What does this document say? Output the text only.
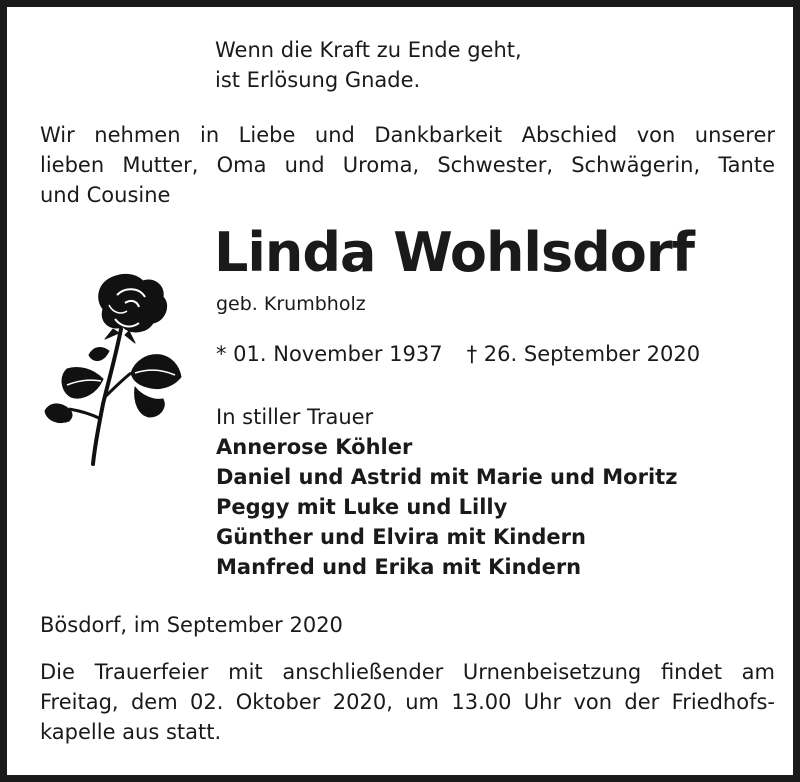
Wenn die Kraft zu Ende geht,
ist Erlösung Gnade.
Wir nehmen in Liebe und Dankbarkeit Abschied von unserer
lieben Mutter, Oma und Uroma, Schwester, Schwägerin, Tante
und Cousine
Linda Wohlsdorf
geb. Krumbholz
* 01. November 1937 † 26. September 2020
In stiller Trauer
Annerose Köhler
Daniel und Astrid mit Marie und Moritz
Peggy mit Luke und Lilly
Günther und Elvira mit Kindern
Manfred und Erika mit Kindern
Bösdorf, im September 2020
Die Trauerfeier mit anschließender Urnenbeisetzung findet am
Freitag, dem 02. Oktober 2020, um 13.00 Uhr von der Friedhofs-
kapelle aus statt.
